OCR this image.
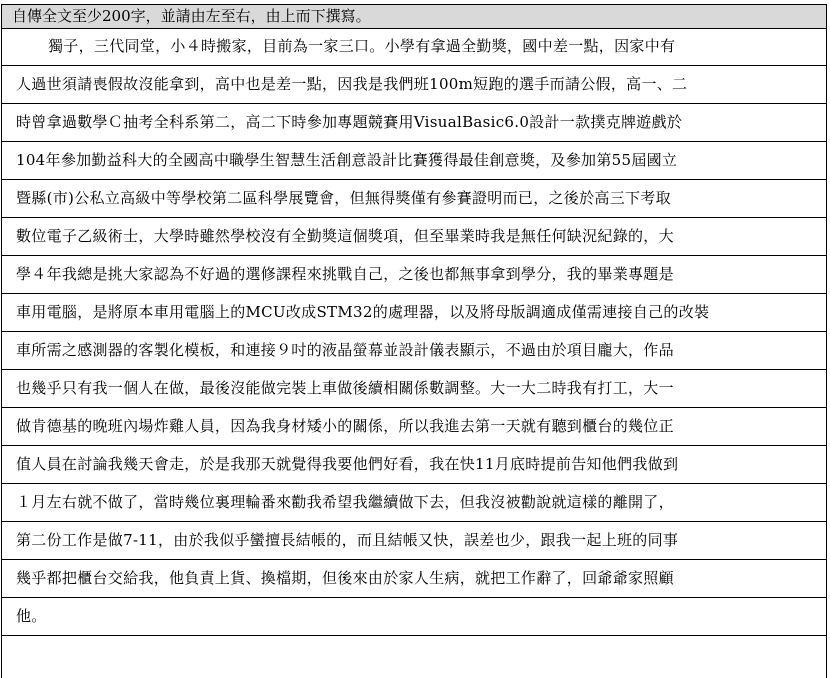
自傳全文至少200字，並請由左至右，由上而下撰寫。
獨子，三代同堂，小４時搬家，目前為一家三口。小學有拿過全勤獎，國中差一點，因家中有
人過世須請喪假故沒能拿到，高中也是差一點，因我是我們班100m短跑的選手而請公假，高一、二
時曾拿過數學Ｃ抽考全科系第二，高二下時參加專題競賽用VisualBasic6.0設計一款撲克牌遊戲於
104年參加勤益科大的全國高中職學生智慧生活創意設計比賽獲得最佳創意獎，及參加第55屆國立
暨縣(市)公私立高級中等學校第二區科學展覽會，但無得獎僅有參賽證明而已，之後於高三下考取
數位電子乙級術士，大學時雖然學校沒有全勤獎這個獎項，但至畢業時我是無任何缺況紀錄的，大
學４年我總是挑大家認為不好過的選修課程來挑戰自己，之後也都無事拿到學分，我的畢業專題是
車用電腦，是將原本車用電腦上的MCU改成STM32的處理器，以及將母版調適成僅需連接自己的改裝
車所需之感測器的客製化模板，和連接９吋的液晶螢幕並設計儀表顯示，不過由於項目龐大，作品
也幾乎只有我一個人在做，最後沒能做完裝上車做後續相關係數調整。大一大二時我有打工，大一
做肯德基的晚班內場炸雞人員，因為我身材矮小的關係，所以我進去第一天就有聽到櫃台的幾位正
值人員在討論我幾天會走，於是我那天就覺得我要他們好看，我在快11月底時提前告知他們我做到
１月左右就不做了，當時幾位裏理輪番來勸我希望我繼續做下去，但我沒被勸說就這樣的離開了，
第二份工作是做7-11，由於我似乎蠻擅長結帳的，而且結帳又快，誤差也少，跟我一起上班的同事
幾乎都把櫃台交給我，他負責上貨、換檔期，但後來由於家人生病，就把工作辭了，回爺爺家照顧
他。
